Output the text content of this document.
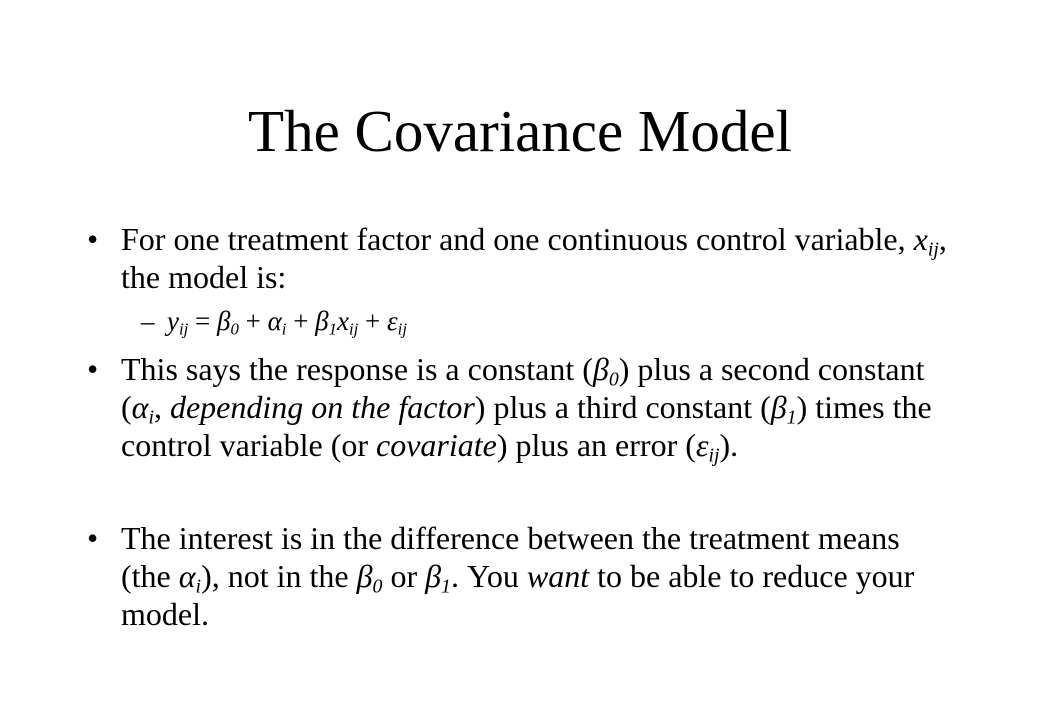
The Covariance Model
• For one treatment factor and one continuous control variable, $x_{ij}$, the model is:
– $y_{ij} = \beta_0 + \alpha_i + \beta_1x_{ij} + \varepsilon_{ij}$
• This says the response is a constant $(\beta_0)$ plus a second constant ($\alpha_i$, depending on the factor) plus a third constant $(\beta_1)$ times the control variable (or covariate) plus an error $(\varepsilon_{ij})$.
• The interest is in the difference between the treatment means (the $\alpha_i$), not in the $\beta_0$ or $\beta_1$. You want to be able to reduce your model.
